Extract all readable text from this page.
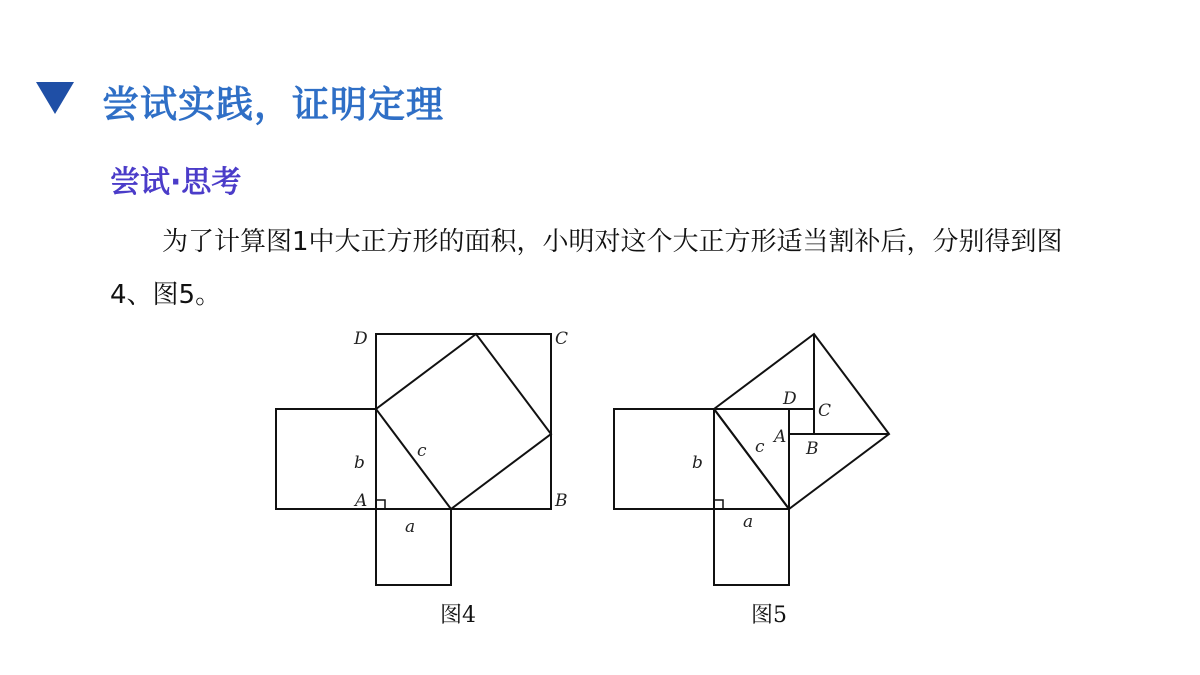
尝试实践，证明定理
尝试·思考

为了计算图1中大正方形的面积，小明对这个大正方形适当割补后，分别得到图4、图5。

D	C
A	B
b
c
a
图4
D
C
A
B
b
c
a
图5
